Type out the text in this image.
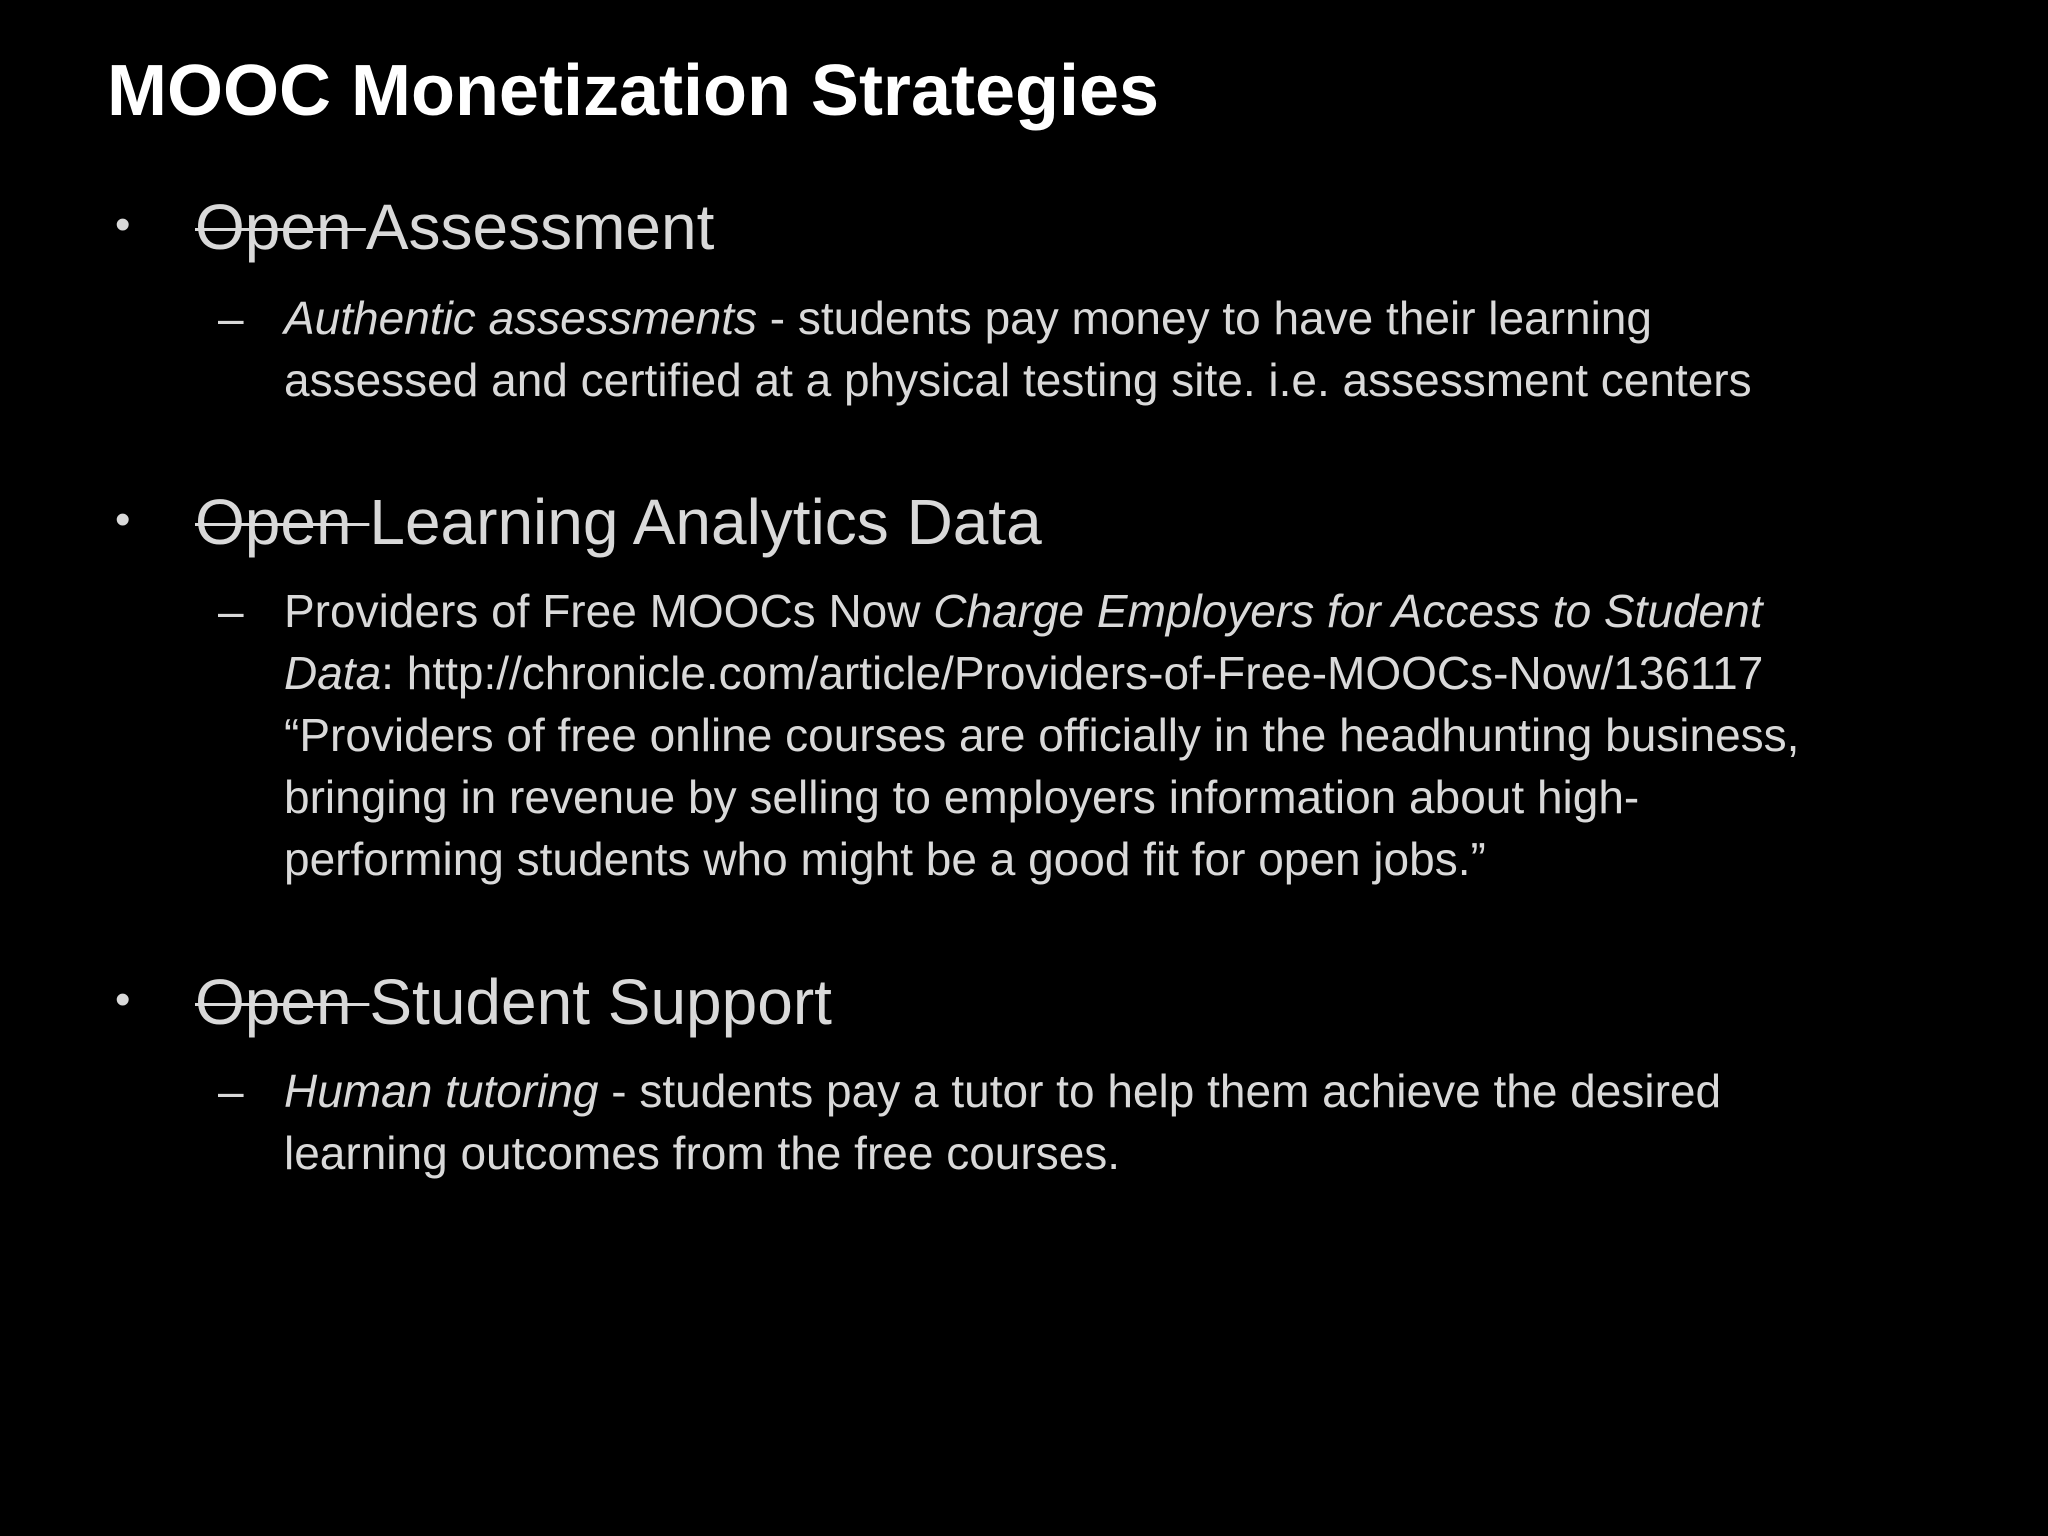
MOOC Monetization Strategies
• Open Assessment
– Authentic assessments - students pay money to have their learning assessed and certified at a physical testing site. i.e. assessment centers
• Open Learning Analytics Data
– Providers of Free MOOCs Now Charge Employers for Access to Student Data: http://chronicle.com/article/Providers-of-Free-MOOCs-Now/136117 “Providers of free online courses are officially in the headhunting business, bringing in revenue by selling to employers information about high-performing students who might be a good fit for open jobs.”
• Open Student Support
– Human tutoring - students pay a tutor to help them achieve the desired learning outcomes from the free courses.
